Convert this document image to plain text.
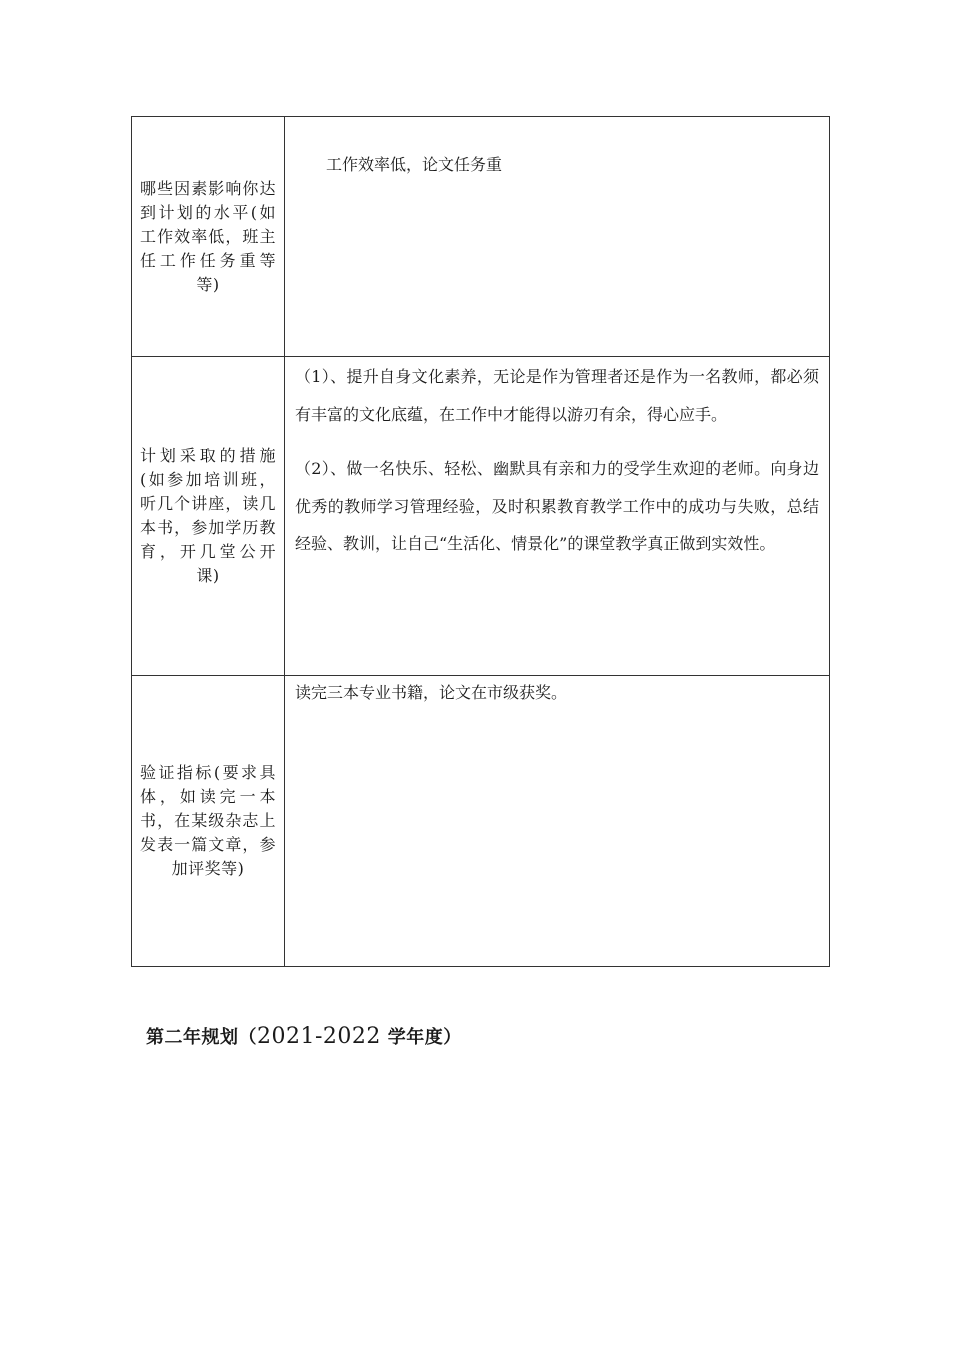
哪些因素影响你达到计划的水平(如工作效率低，班主任工作任务重等等)	工作效率低，论文任务重

计划采取的措施(如参加培训班，听几个讲座，读几本书，参加学历教育，开几堂公开课)	（1）、提升自身文化素养，无论是作为管理者还是作为一名教师，都必须有丰富的文化底蕴，在工作中才能得以游刃有余，得心应手。
（2）、做一名快乐、轻松、幽默具有亲和力的受学生欢迎的老师。向身边优秀的教师学习管理经验，及时积累教育教学工作中的成功与失败，总结经验、教训，让自己“生活化、情景化”的课堂教学真正做到实效性。

验证指标(要求具体，如读完一本书，在某级杂志上发表一篇文章，参加评奖等)	读完三本专业书籍，论文在市级获奖。
第二年规划（2021-2022 学年度）
